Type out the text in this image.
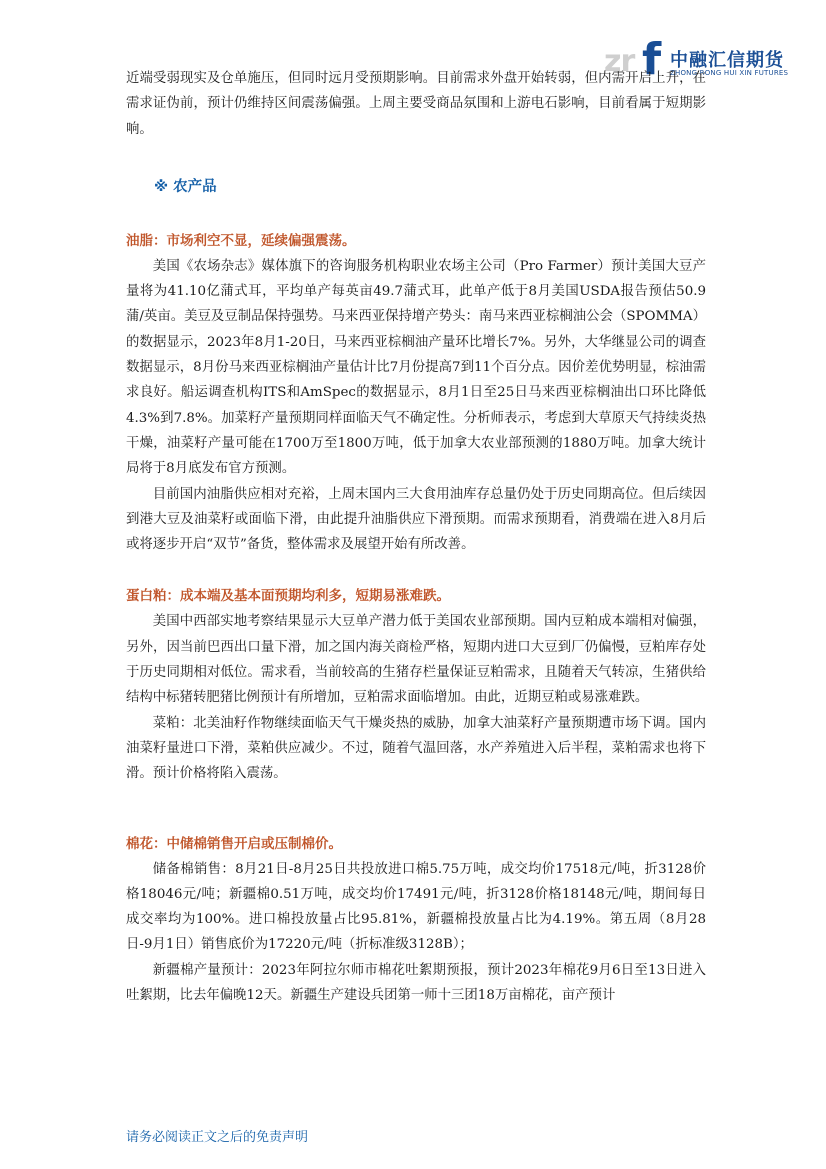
zr f 中融汇信期货
ZHONG RONG HUI XIN FUTURES

近端受弱现实及仓单施压，但同时远月受预期影响。目前需求外盘开始转弱，但内需开启上升，在需求证伪前，预计仍维持区间震荡偏强。上周主要受商品氛围和上游电石影响，目前看属于短期影响。

※ 农产品
油脂：市场利空不显，延续偏强震荡。

美国《农场杂志》媒体旗下的咨询服务机构职业农场主公司（Pro Farmer）预计美国大豆产量将为41.10亿蒲式耳，平均单产每英亩49.7蒲式耳，此单产低于8月美国USDA报告预估50.9蒲/英亩。美豆及豆制品保持强势。马来西亚保持增产势头：南马来西亚棕榈油公会（SPOMMA）的数据显示，2023年8月1-20日，马来西亚棕榈油产量环比增长7%。另外，大华继显公司的调查数据显示，8月份马来西亚棕榈油产量估计比7月份提高7到11个百分点。因价差优势明显，棕油需求良好。船运调查机构ITS和AmSpec的数据显示，8月1日至25日马来西亚棕榈油出口环比降低4.3%到7.8%。加菜籽产量预期同样面临天气不确定性。分析师表示，考虑到大草原天气持续炎热干燥，油菜籽产量可能在1700万至1800万吨，低于加拿大农业部预测的1880万吨。加拿大统计局将于8月底发布官方预测。

目前国内油脂供应相对充裕，上周末国内三大食用油库存总量仍处于历史同期高位。但后续因到港大豆及油菜籽或面临下滑，由此提升油脂供应下滑预期。而需求预期看，消费端在进入8月后或将逐步开启“双节”备货，整体需求及展望开始有所改善。

蛋白粕：成本端及基本面预期均利多，短期易涨难跌。

美国中西部实地考察结果显示大豆单产潜力低于美国农业部预期。国内豆粕成本端相对偏强，另外，因当前巴西出口量下滑，加之国内海关商检严格，短期内进口大豆到厂仍偏慢，豆粕库存处于历史同期相对低位。需求看，当前较高的生猪存栏量保证豆粕需求，且随着天气转凉，生猪供给结构中标猪转肥猪比例预计有所增加，豆粕需求面临增加。由此，近期豆粕或易涨难跌。

菜粕：北美油籽作物继续面临天气干燥炎热的威胁，加拿大油菜籽产量预期遭市场下调。国内油菜籽量进口下滑，菜粕供应减少。不过，随着气温回落，水产养殖进入后半程，菜粕需求也将下滑。预计价格将陷入震荡。

棉花：中储棉销售开启或压制棉价。

储备棉销售：8月21日-8月25日共投放进口棉5.75万吨，成交均价17518元/吨，折3128价格18046元/吨；新疆棉0.51万吨，成交均价17491元/吨，折3128价格18148元/吨，期间每日成交率均为100%。进口棉投放量占比95.81%，新疆棉投放量占比为4.19%。第五周（8月28日-9月1日）销售底价为17220元/吨（折标准级3128B）；

新疆棉产量预计：2023年阿拉尔师市棉花吐絮期预报，预计2023年棉花9月6日至13日进入吐絮期，比去年偏晚12天。新疆生产建设兵团第一师十三团18万亩棉花，亩产预计

请务必阅读正文之后的免责声明
